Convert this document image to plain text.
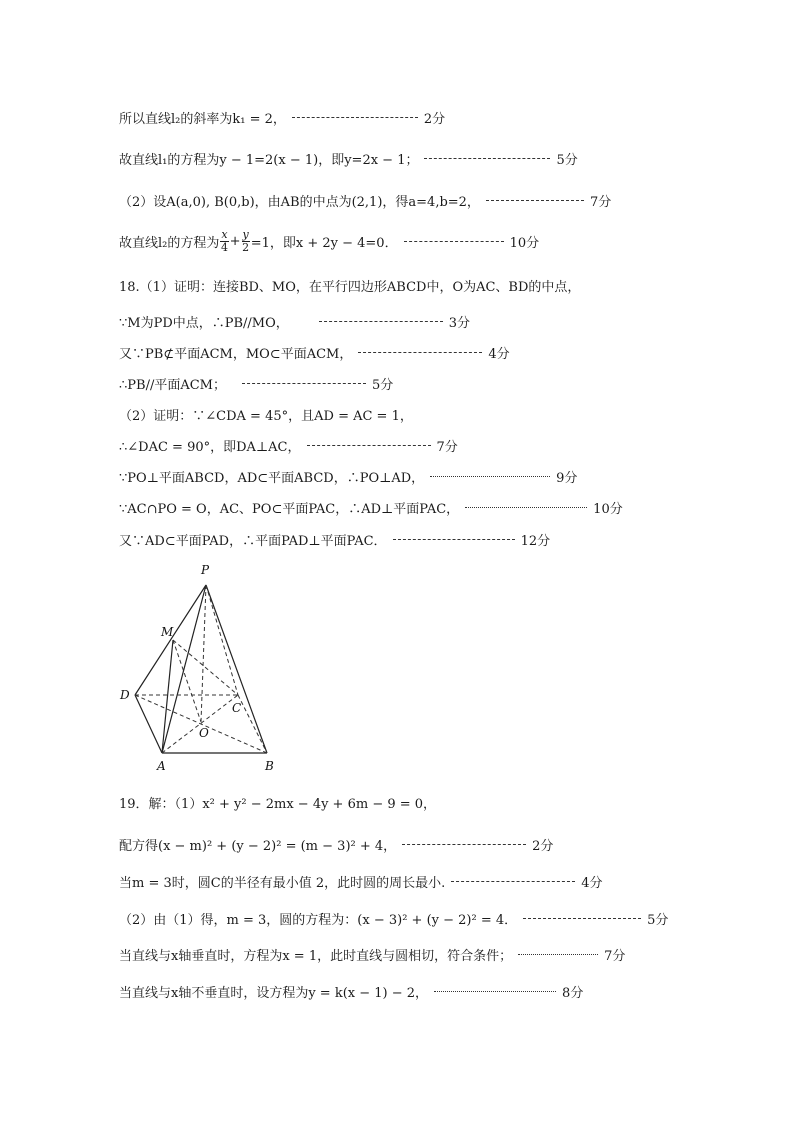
所以直线l₂的斜率为k₁ = 2，	2分
故直线l₁的方程为y − 1=2(x − 1)，即y=2x − 1；	5分
（2）设A(a,0), B(0,b)，由AB的中点为(2,1)，得a=4,b=2，	7分
故直线l₂的方程为 $\frac{x}{4} + \frac{y}{2} =1$，即x + 2y − 4=0．	10分
18.（1）证明：连接BD、MO，在平行四边形ABCD中，O为AC、BD的中点，
∵M为PD中点，∴PB//MO，	3分
又∵PB⊄平面ACM，MO⊂平面ACM，	4分
∴PB//平面ACM；	5分
（2）证明：∵∠CDA = 45°，且AD = AC = 1，
∴∠DAC = 90°，即DA⊥AC，	7分
∵PO⊥平面ABCD，AD⊂平面ABCD，∴PO⊥AD，	9分
∵AC∩PO = O，AC、PO⊂平面PAC，∴AD⊥平面PAC，	10分
又∵AD⊂平面PAD，∴平面PAD⊥平面PAC．	12分
P
M
D
C
O
A	B
19．解：（1）x² + y² − 2mx − 4y + 6m − 9 = 0，
配方得(x − m)² + (y − 2)² = (m − 3)² + 4，	2分
当m = 3时，圆C的半径有最小值 2，此时圆的周长最小.	4分
（2）由（1）得，m = 3，圆的方程为：(x − 3)² + (y − 2)² = 4．	5分
当直线与x轴垂直时，方程为x = 1，此时直线与圆相切，符合条件；	7分
当直线与x轴不垂直时，设方程为y = k(x − 1) − 2，	8分
